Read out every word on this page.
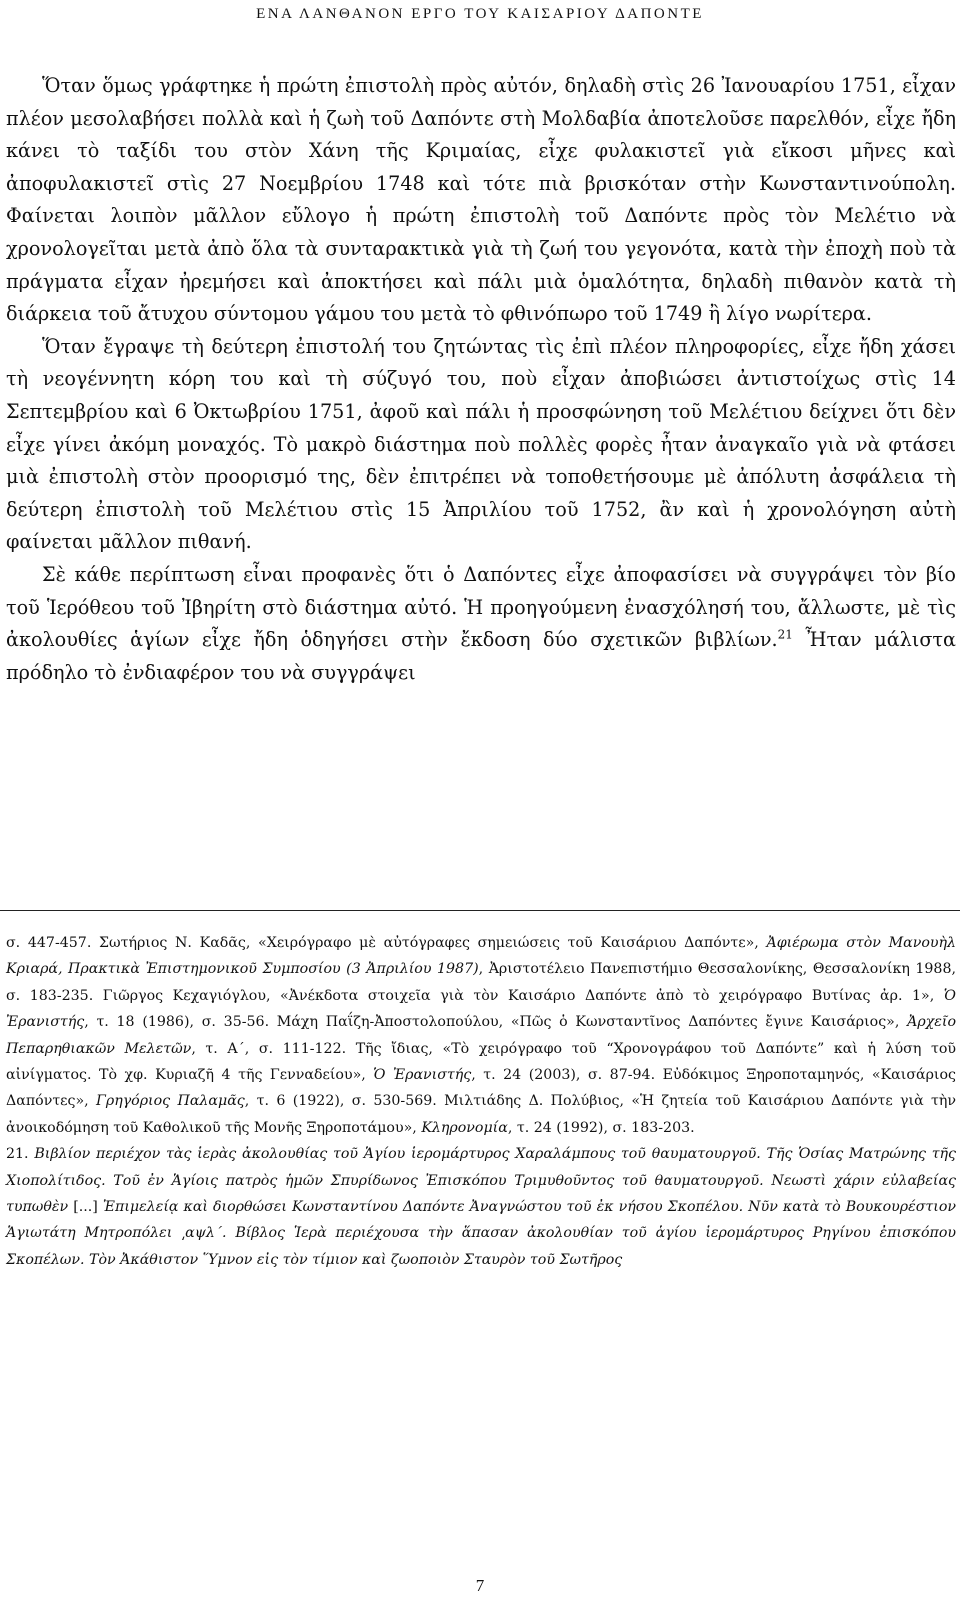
ΕΝΑ ΛΑΝΘΑΝΟΝ ΕΡΓΟ ΤΟΥ ΚΑΙΣΑΡΙΟΥ ΔΑΠΟΝΤΕ

Ὅταν ὅμως γράφτηκε ἡ πρώτη ἐπιστολὴ πρὸς αὐτόν, δηλαδὴ στὶς 26 Ἰανουαρίου 1751, εἶχαν πλέον μεσολαβήσει πολλὰ καὶ ἡ ζωὴ τοῦ Δαπόντε στὴ Μολδαβία ἀποτελοῦσε παρελθόν, εἶχε ἤδη κάνει τὸ ταξίδι του στὸν Χάνη τῆς Κριμαίας, εἶχε φυλακιστεῖ γιὰ εἴκοσι μῆνες καὶ ἀποφυλακιστεῖ στὶς 27 Νοεμβρίου 1748 καὶ τότε πιὰ βρισκόταν στὴν Κωνσταντινούπολη. Φαίνεται λοιπὸν μᾶλλον εὔλογο ἡ πρώτη ἐπιστολὴ τοῦ Δαπόντε πρὸς τὸν Μελέτιο νὰ χρονολογεῖται μετὰ ἀπὸ ὅλα τὰ συνταρακτικὰ γιὰ τὴ ζωή του γεγονότα, κατὰ τὴν ἐποχὴ ποὺ τὰ πράγματα εἶχαν ἠρεμήσει καὶ ἀποκτήσει καὶ πάλι μιὰ ὁμαλότητα, δηλαδὴ πιθανὸν κατὰ τὴ διάρκεια τοῦ ἄτυχου σύντομου γάμου του μετὰ τὸ φθινόπωρο τοῦ 1749 ἢ λίγο νωρίτερα.

Ὅταν ἔγραψε τὴ δεύτερη ἐπιστολή του ζητώντας τὶς ἐπὶ πλέον πληροφορίες, εἶχε ἤδη χάσει τὴ νεογέννητη κόρη του καὶ τὴ σύζυγό του, ποὺ εἶχαν ἀποβιώσει ἀντιστοίχως στὶς 14 Σεπτεμβρίου καὶ 6 Ὀκτωβρίου 1751, ἀφοῦ καὶ πάλι ἡ προσφώνηση τοῦ Μελέτιου δείχνει ὅτι δὲν εἶχε γίνει ἀκόμη μοναχός. Τὸ μακρὸ διάστημα ποὺ πολλὲς φορὲς ἦταν ἀναγκαῖο γιὰ νὰ φτάσει μιὰ ἐπιστολὴ στὸν προορισμό της, δὲν ἐπιτρέπει νὰ τοποθετήσουμε μὲ ἀπόλυτη ἀσφάλεια τὴ δεύτερη ἐπιστολὴ τοῦ Μελέτιου στὶς 15 Ἀπριλίου τοῦ 1752, ἂν καὶ ἡ χρονολόγηση αὐτὴ φαίνεται μᾶλλον πιθανή.

Σὲ κάθε περίπτωση εἶναι προφανὲς ὅτι ὁ Δαπόντες εἶχε ἀποφασίσει νὰ συγγράψει τὸν βίο τοῦ Ἱερόθεου τοῦ Ἰβηρίτη στὸ διάστημα αὐτό. Ἡ προηγούμενη ἐνασχόλησή του, ἄλλωστε, μὲ τὶς ἀκολουθίες ἁγίων εἶχε ἤδη ὁδηγήσει στὴν ἔκδοση δύο σχετικῶν βιβλίων.$^{21}$ Ἦταν μάλιστα πρόδηλο τὸ ἐνδιαφέρον του νὰ συγγράψει

σ. 447-457. Σωτήριος Ν. Καδᾶς, «Χειρόγραφο μὲ αὐτόγραφες σημειώσεις τοῦ Καισάριου Δαπόντε», Ἀφιέρωμα στὸν Μανουὴλ Κριαρά, Πρακτικὰ Ἐπιστημονικοῦ Συμποσίου (3 Ἀπριλίου 1987), Ἀριστοτέλειο Πανεπιστήμιο Θεσσαλονίκης, Θεσσαλονίκη 1988, σ. 183-235. Γιῶργος Κεχαγιόγλου, «Ἀνέκδοτα στοιχεῖα γιὰ τὸν Καισάριο Δαπόντε ἀπὸ τὸ χειρόγραφο Βυτίνας ἀρ. 1», Ὁ Ἐρανιστής, τ. 18 (1986), σ. 35-56. Μάχη Παΐζη-Ἀποστολοπούλου, «Πῶς ὁ Κωνσταντῖνος Δαπόντες ἔγινε Καισάριος», Ἀρχεῖο Πεπαρηθιακῶν Μελετῶν, τ. Α΄, σ. 111-122. Τῆς ἴδιας, «Τὸ χειρόγραφο τοῦ “Χρονογράφου τοῦ Δαπόντε” καὶ ἡ λύση τοῦ αἰνίγματος. Τὸ χφ. Κυριαζῆ 4 τῆς Γενναδείου», Ὁ Ἐρανιστής, τ. 24 (2003), σ. 87-94. Εὐδόκιμος Ξηροποταμηνός, «Καισάριος Δαπόντες», Γρηγόριος Παλαμᾶς, τ. 6 (1922), σ. 530-569. Μιλτιάδης Δ. Πολύβιος, «Ἡ ζητεία τοῦ Καισάριου Δαπόντε γιὰ τὴν ἀνοικοδόμηση τοῦ Καθολικοῦ τῆς Μονῆς Ξηροποτάμου», Κληρονομία, τ. 24 (1992), σ. 183-203.

21. Βιβλίον περιέχον τὰς ἱερὰς ἀκολουθίας τοῦ Ἁγίου ἱερομάρτυρος Χαραλάμπους τοῦ θαυματουργοῦ. Τῆς Ὁσίας Ματρώνης τῆς Χιοπολίτιδος. Τοῦ ἐν Ἁγίοις πατρὸς ἡμῶν Σπυρίδωνος Ἐπισκόπου Τριμυθοῦντος τοῦ θαυματουργοῦ. Νεωστὶ χάριν εὐλαβείας τυπωθὲν [...] Ἐπιμελείᾳ καὶ διορθώσει Κωνσταντίνου Δαπόντε Ἀναγνώστου τοῦ ἐκ νήσου Σκοπέλου. Νῦν κατὰ τὸ Βουκουρέστιον Ἁγιωτάτη Μητροπόλει ͵αψλ΄. Βίβλος Ἱερὰ περιέχουσα τὴν ἅπασαν ἀκολουθίαν τοῦ ἁγίου ἱερομάρτυρος Ρηγίνου ἐπισκόπου Σκοπέλων. Τὸν Ἀκάθιστον Ὕμνον εἰς τὸν τίμιον καὶ ζωοποιὸν Σταυρὸν τοῦ Σωτῆρος

7
